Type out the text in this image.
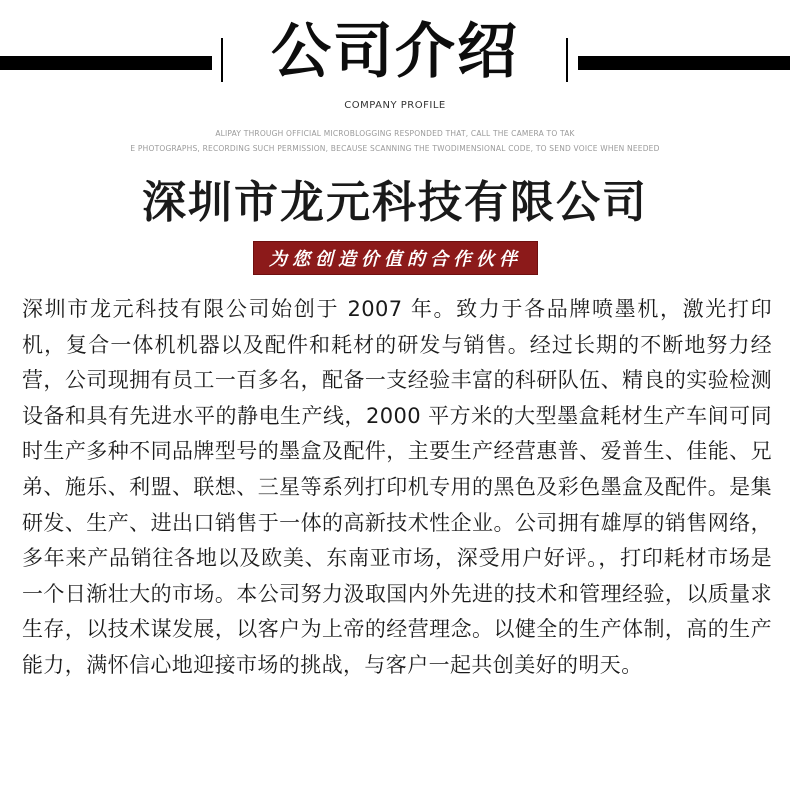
公司介绍
COMPANY PROFILE
ALIPAY THROUGH OFFICIAL MICROBLOGGING RESPONDED THAT, CALL THE CAMERA TO TAK
E PHOTOGRAPHS, RECORDING SUCH PERMISSION, BECAUSE SCANNING THE TWODIMENSIONAL CODE, TO SEND VOICE WHEN NEEDED
深圳市龙元科技有限公司
为您创造价值的合作伙伴
深圳市龙元科技有限公司始创于 2007 年。致力于各品牌喷墨机，激光打印机，复合一体机机器以及配件和耗材的研发与销售。经过长期的不断地努力经营，公司现拥有员工一百多名，配备一支经验丰富的科研队伍、精良的实验检测设备和具有先进水平的静电生产线，2000 平方米的大型墨盒耗材生产车间可同时生产多种不同品牌型号的墨盒及配件，主要生产经营惠普、爱普生、佳能、兄弟、施乐、利盟、联想、三星等系列打印机专用的黑色及彩色墨盒及配件。是集研发、生产、进出口销售于一体的高新技术性企业。公司拥有雄厚的销售网络，多年来产品销往各地以及欧美、东南亚市场，深受用户好评。，打印耗材市场是一个日渐壮大的市场。本公司努力汲取国内外先进的技术和管理经验，以质量求生存，以技术谋发展，以客户为上帝的经营理念。以健全的生产体制，高的生产能力，满怀信心地迎接市场的挑战，与客户一起共创美好的明天。
